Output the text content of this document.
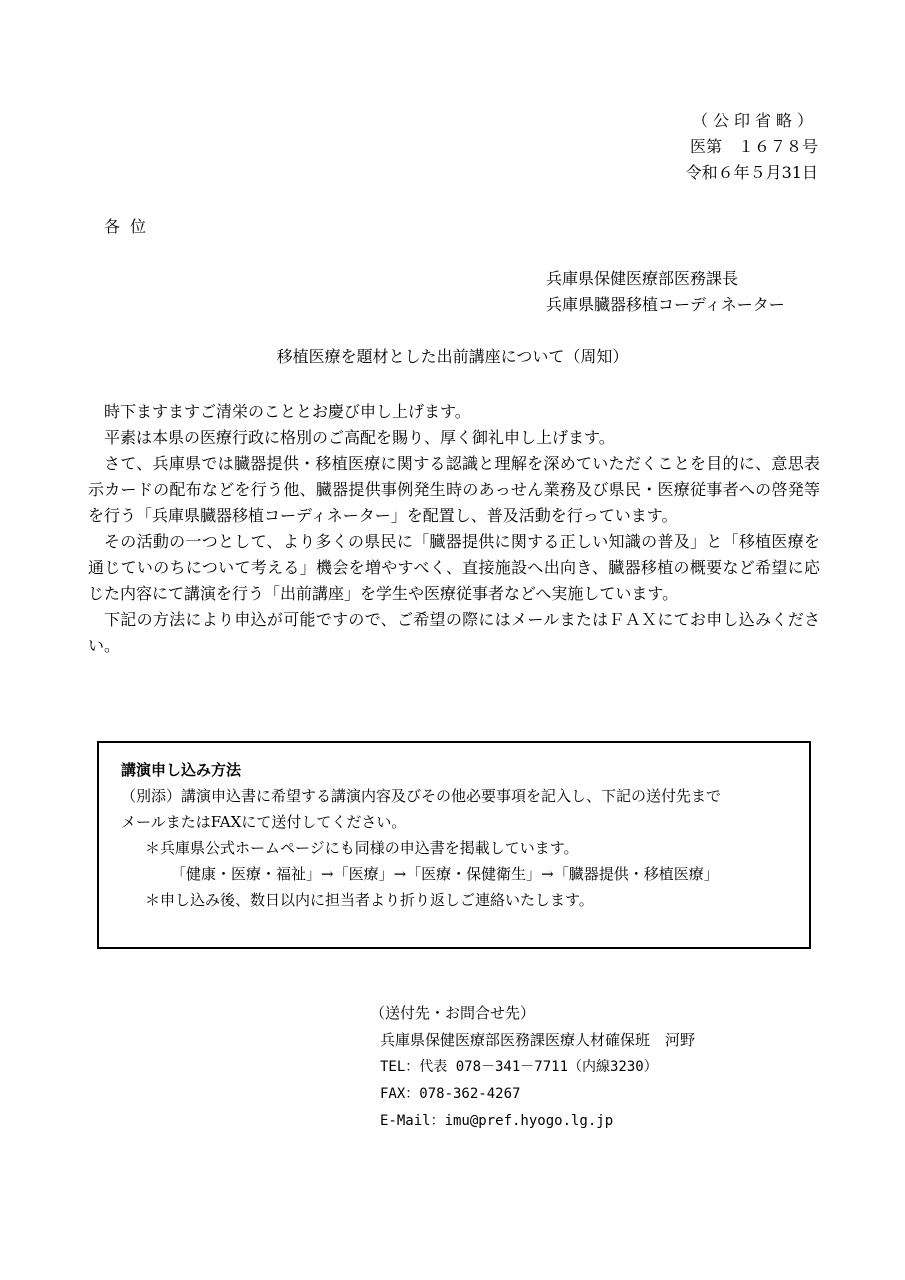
（公印省略）
医第　１６７８号
令和６年５月31日
各位
兵庫県保健医療部医務課長
兵庫県臓器移植コーディネーター
移植医療を題材とした出前講座について（周知）

時下ますますご清栄のこととお慶び申し上げます。

平素は本県の医療行政に格別のご高配を賜り、厚く御礼申し上げます。

さて、兵庫県では臓器提供・移植医療に関する認識と理解を深めていただくことを目的に、意思表示カードの配布などを行う他、臓器提供事例発生時のあっせん業務及び県民・医療従事者への啓発等を行う「兵庫県臓器移植コーディネーター」を配置し、普及活動を行っています。

その活動の一つとして、より多くの県民に「臓器提供に関する正しい知識の普及」と「移植医療を通じていのちについて考える」機会を増やすべく、直接施設へ出向き、臓器移植の概要など希望に応じた内容にて講演を行う「出前講座」を学生や医療従事者などへ実施しています。

下記の方法により申込が可能ですので、ご希望の際にはメールまたはＦＡＸにてお申し込みください。

講演申し込み方法
（別添）講演申込書に希望する講演内容及びその他必要事項を記入し、下記の送付先まで
メールまたはFAXにて送付してください。
＊兵庫県公式ホームページにも同様の申込書を掲載しています。
「健康・医療・福祉」→「医療」→「医療・保健衛生」→「臓器提供・移植医療」
＊申し込み後、数日以内に担当者より折り返しご連絡いたします。
（送付先・お問合せ先）
兵庫県保健医療部医務課医療人材確保班　河野
TEL：代表 078－341－7711（内線3230）
FAX：078-362-4267
E-Mail：imu@pref.hyogo.lg.jp
